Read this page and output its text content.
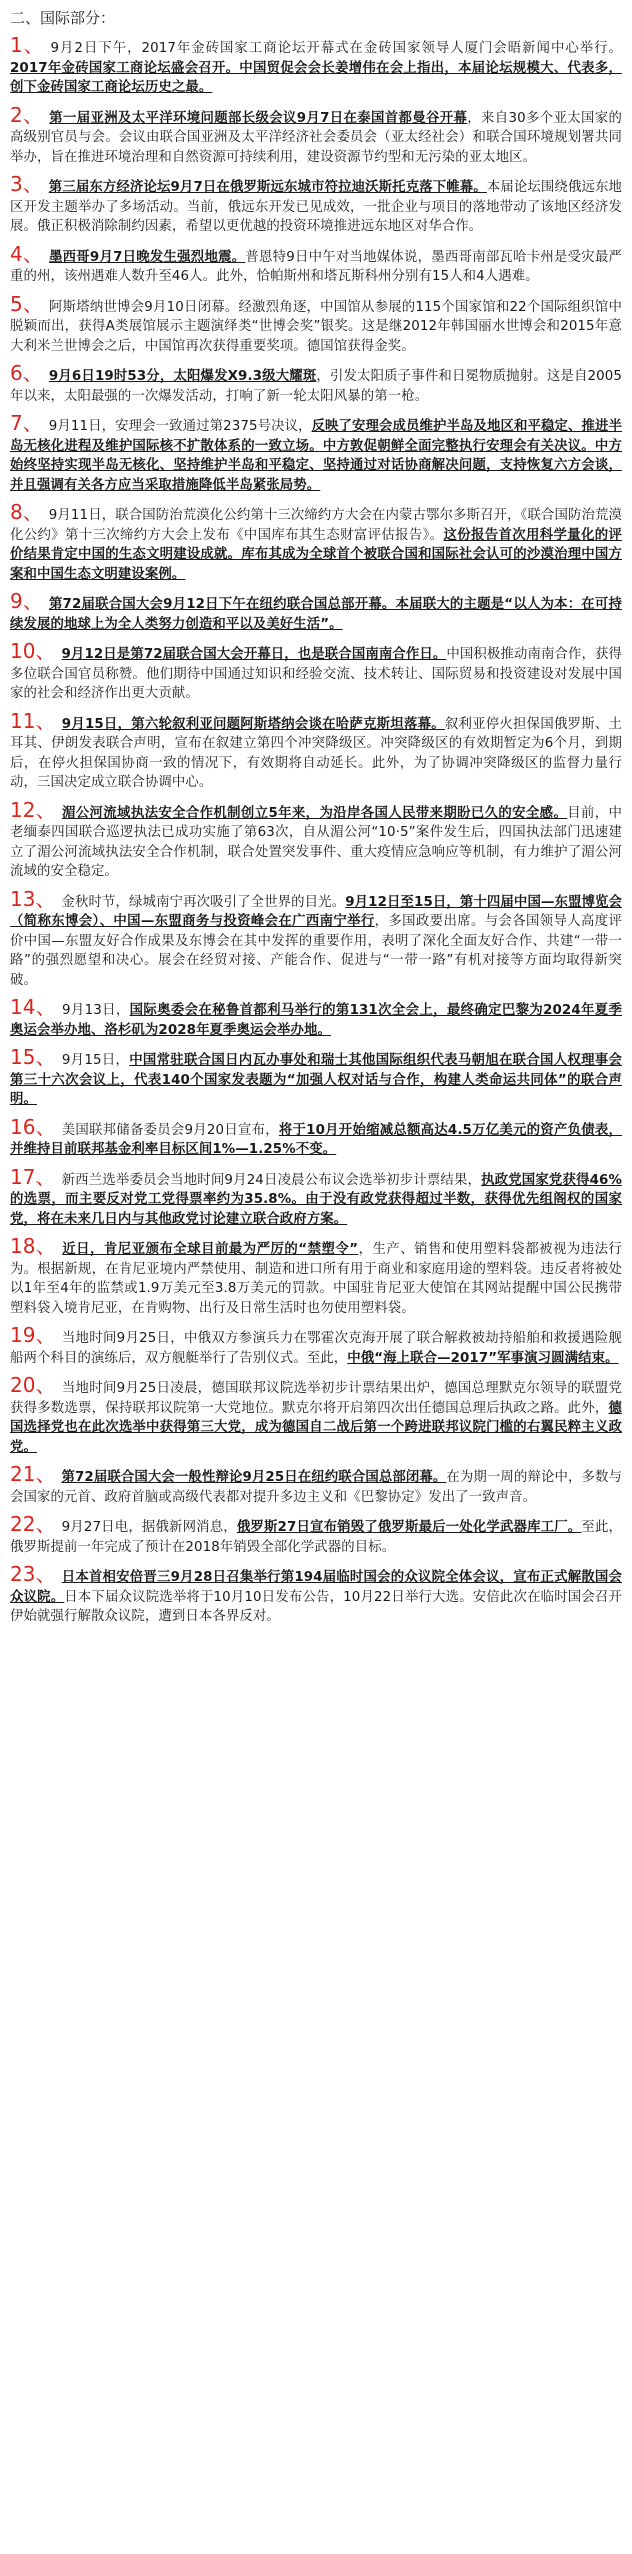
二、国际部分：
1、 9月2日下午，2017年金砖国家工商论坛开幕式在金砖国家领导人厦门会晤新闻中心举行。2017年金砖国家工商论坛盛会召开。中国贸促会会长姜增伟在会上指出，本届论坛规模大、代表多，创下金砖国家工商论坛历史之最。
2、 第一届亚洲及太平洋环境问题部长级会议9月7日在泰国首都曼谷开幕，来自30多个亚太国家的高级别官员与会。会议由联合国亚洲及太平洋经济社会委员会（亚太经社会）和联合国环境规划署共同举办，旨在推进环境治理和自然资源可持续利用，建设资源节约型和无污染的亚太地区。
3、 第三届东方经济论坛9月7日在俄罗斯远东城市符拉迪沃斯托克落下帷幕。本届论坛围绕俄远东地区开发主题举办了多场活动。当前，俄远东开发已见成效，一批企业与项目的落地带动了该地区经济发展。俄正积极消除制约因素，希望以更优越的投资环境推进远东地区对华合作。
4、 墨西哥9月7日晚发生强烈地震。普恩特9日中午对当地媒体说，墨西哥南部瓦哈卡州是受灾最严重的州，该州遇难人数升至46人。此外，恰帕斯州和塔瓦斯科州分别有15人和4人遇难。
5、 阿斯塔纳世博会9月10日闭幕。经激烈角逐，中国馆从参展的115个国家馆和22个国际组织馆中脱颖而出，获得A类展馆展示主题演绎类“世博会奖”银奖。这是继2012年韩国丽水世博会和2015年意大利米兰世博会之后，中国馆再次获得重要奖项。德国馆获得金奖。
6、 9月6日19时53分，太阳爆发X9.3级大耀斑，引发太阳质子事件和日冕物质抛射。这是自2005年以来，太阳最强的一次爆发活动，打响了新一轮太阳风暴的第一枪。
7、 9月11日，安理会一致通过第2375号决议，反映了安理会成员维护半岛及地区和平稳定、推进半岛无核化进程及维护国际核不扩散体系的一致立场。中方敦促朝鲜全面完整执行安理会有关决议。中方始终坚持实现半岛无核化、坚持维护半岛和平稳定、坚持通过对话协商解决问题，支持恢复六方会谈，并且强调有关各方应当采取措施降低半岛紧张局势。
8、 9月11日，联合国防治荒漠化公约第十三次缔约方大会在内蒙古鄂尔多斯召开，《联合国防治荒漠化公约》第十三次缔约方大会上发布《中国库布其生态财富评估报告》。这份报告首次用科学量化的评价结果肯定中国的生态文明建设成就。库布其成为全球首个被联合国和国际社会认可的沙漠治理中国方案和中国生态文明建设案例。
9、 第72届联合国大会9月12日下午在纽约联合国总部开幕。本届联大的主题是“以人为本：在可持续发展的地球上为全人类努力创造和平以及美好生活”。
10、 9月12日是第72届联合国大会开幕日，也是联合国南南合作日。中国积极推动南南合作，获得多位联合国官员称赞。他们期待中国通过知识和经验交流、技术转让、国际贸易和投资建设对发展中国家的社会和经济作出更大贡献。
11、 9月15日，第六轮叙利亚问题阿斯塔纳会谈在哈萨克斯坦落幕。叙利亚停火担保国俄罗斯、土耳其、伊朗发表联合声明，宣布在叙建立第四个冲突降级区。冲突降级区的有效期暂定为6个月，到期后，在停火担保国协商一致的情况下，有效期将自动延长。此外，为了协调冲突降级区的监督力量行动，三国决定成立联合协调中心。
12、 湄公河流域执法安全合作机制创立5年来，为沿岸各国人民带来期盼已久的安全感。目前，中老缅泰四国联合巡逻执法已成功实施了第63次，自从湄公河“10·5”案件发生后，四国执法部门迅速建立了湄公河流域执法安全合作机制，联合处置突发事件、重大疫情应急响应等机制，有力维护了湄公河流域的安全稳定。
13、 金秋时节，绿城南宁再次吸引了全世界的目光。9月12日至15日，第十四届中国—东盟博览会（简称东博会）、中国—东盟商务与投资峰会在广西南宁举行，多国政要出席。与会各国领导人高度评价中国—东盟友好合作成果及东博会在其中发挥的重要作用，表明了深化全面友好合作、共建“一带一路”的强烈愿望和决心。展会在经贸对接、产能合作、促进与“一带一路”有机对接等方面均取得新突破。
14、 9月13日，国际奥委会在秘鲁首都利马举行的第131次全会上，最终确定巴黎为2024年夏季奥运会举办地、洛杉矶为2028年夏季奥运会举办地。
15、 9月15日，中国常驻联合国日内瓦办事处和瑞士其他国际组织代表马朝旭在联合国人权理事会第三十六次会议上，代表140个国家发表题为“加强人权对话与合作，构建人类命运共同体”的联合声明。
16、 美国联邦储备委员会9月20日宣布，将于10月开始缩减总额高达4.5万亿美元的资产负债表，并维持目前联邦基金利率目标区间1%—1.25%不变。
17、 新西兰选举委员会当地时间9月24日凌晨公布议会选举初步计票结果，执政党国家党获得46%的选票，而主要反对党工党得票率约为35.8%。由于没有政党获得超过半数，获得优先组阁权的国家党，将在未来几日内与其他政党讨论建立联合政府方案。
18、 近日，肯尼亚颁布全球目前最为严厉的“禁塑令”，生产、销售和使用塑料袋都被视为违法行为。根据新规，在肯尼亚境内严禁使用、制造和进口所有用于商业和家庭用途的塑料袋。违反者将被处以1年至4年的监禁或1.9万美元至3.8万美元的罚款。中国驻肯尼亚大使馆在其网站提醒中国公民携带塑料袋入境肯尼亚，在肯购物、出行及日常生活时也勿使用塑料袋。
19、 当地时间9月25日，中俄双方参演兵力在鄂霍次克海开展了联合解救被劫持船舶和救援遇险舰船两个科目的演练后，双方舰艇举行了告别仪式。至此，中俄“海上联合—2017”军事演习圆满结束。
20、 当地时间9月25日凌晨，德国联邦议院选举初步计票结果出炉，德国总理默克尔领导的联盟党获得多数选票，保持联邦议院第一大党地位。默克尔将开启第四次出任德国总理后执政之路。此外，德国选择党也在此次选举中获得第三大党，成为德国自二战后第一个跨进联邦议院门槛的右翼民粹主义政党。
21、 第72届联合国大会一般性辩论9月25日在纽约联合国总部闭幕。在为期一周的辩论中，多数与会国家的元首、政府首脑或高级代表都对提升多边主义和《巴黎协定》发出了一致声音。
22、 9月27日电，据俄新网消息，俄罗斯27日宣布销毁了俄罗斯最后一处化学武器库工厂。至此，俄罗斯提前一年完成了预计在2018年销毁全部化学武器的目标。
23、 日本首相安倍晋三9月28日召集举行第194届临时国会的众议院全体会议，宣布正式解散国会众议院。日本下届众议院选举将于10月10日发布公告，10月22日举行大选。安倍此次在临时国会召开伊始就强行解散众议院，遭到日本各界反对。
